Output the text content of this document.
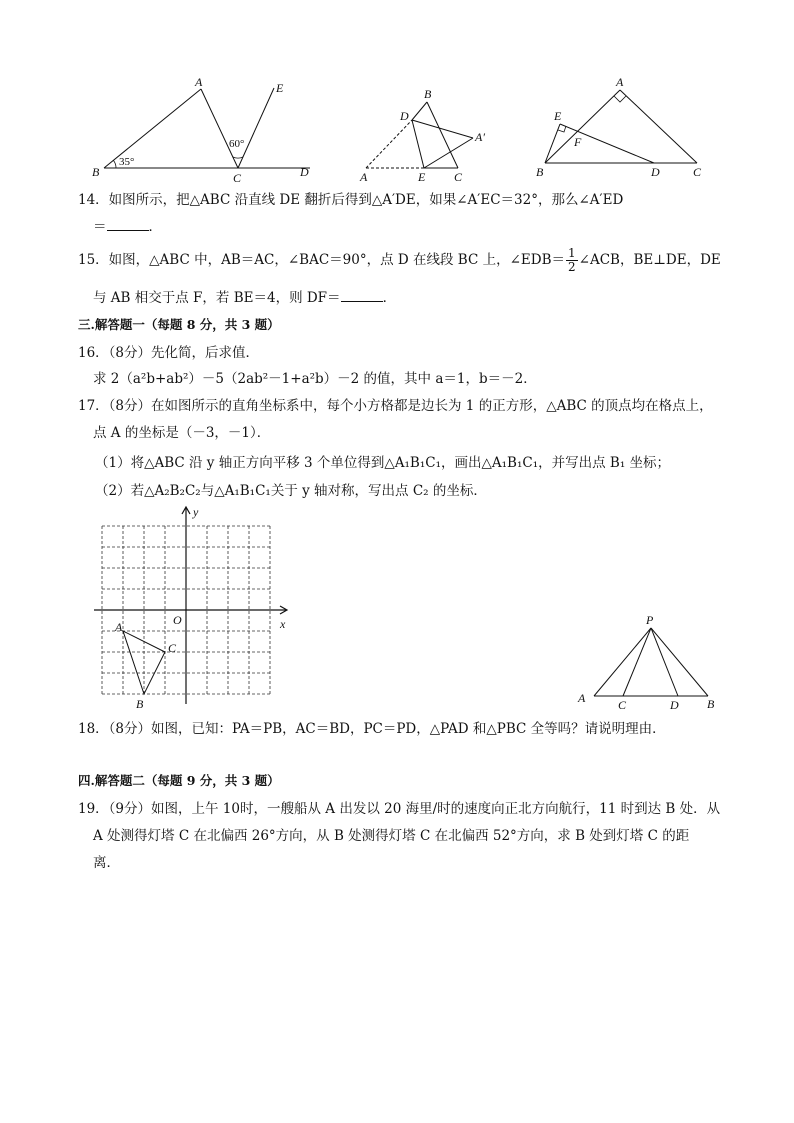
A	E
B	C	D
35°
60°
B
D
A′
A	E C
A
E
F
B	D	C
14．如图所示，把△ABC 沿直线 DE 翻折后得到△A′DE，如果∠A′EC＝32°，那么∠A′ED
＝	．
15．如图，△ABC 中，AB＝AC，∠BAC＝90°，点 D 在线段 BC 上，∠EDB＝ $\frac{1}{2}$ ∠ACB，BE⊥DE，DE
与 AB 相交于点 F，若 BE＝4，则 DF＝	．
三.解答题一（每题 8 分，共 3 题）
16．（8分）先化简，后求值．
求 2（a²b+ab²）－5（2ab²－1+a²b）－2 的值，其中 a＝1，b＝－2．
17．（8分）在如图所示的直角坐标系中，每个小方格都是边长为 1 的正方形，△ABC 的顶点均在格点上，
点 A 的坐标是（－3，－1）．
（1）将△ABC 沿 y 轴正方向平移 3 个单位得到△A₁B₁C₁，画出△A₁B₁C₁，并写出点 B₁ 坐标；
（2）若△A₂B₂C₂与△A₁B₁C₁关于 y 轴对称，写出点 C₂ 的坐标．
y
O	x
A
C
B
P
A	C	D B
18．（8分）如图，已知：PA＝PB，AC＝BD，PC＝PD，△PAD 和△PBC 全等吗？请说明理由．
四.解答题二（每题 9 分，共 3 题）
19．（9分）如图，上午 10时，一艘船从 A 出发以 20 海里/时的速度向正北方向航行，11 时到达 B 处．从
A 处测得灯塔 C 在北偏西 26°方向，从 B 处测得灯塔 C 在北偏西 52°方向，求 B 处到灯塔 C 的距
离．
